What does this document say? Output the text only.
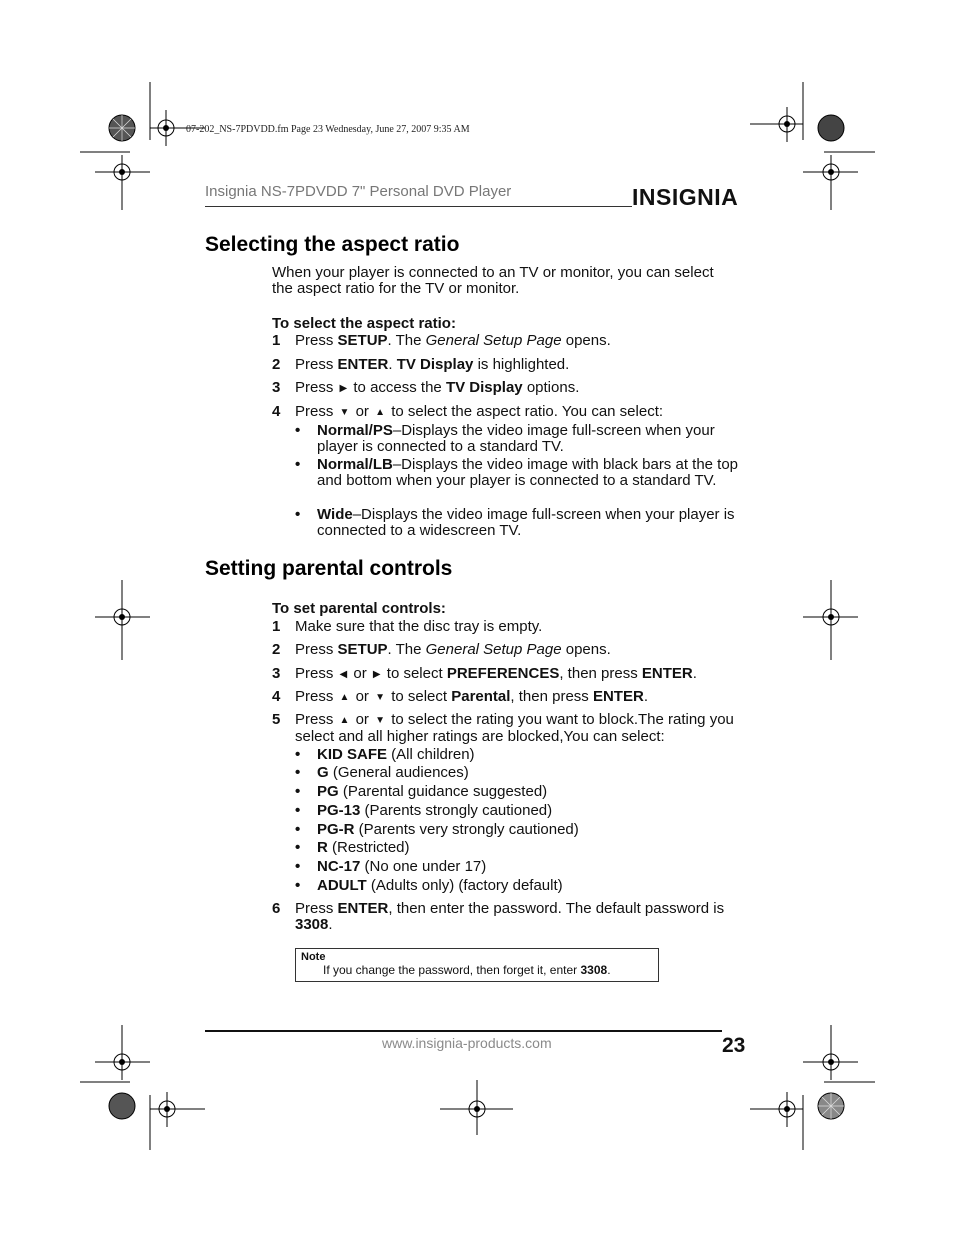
07-202_NS-7PDVDD.fm Page 23 Wednesday, June 27, 2007 9:35 AM
Insignia NS-7PDVDD 7" Personal DVD Player	INSIGNIA
Selecting the aspect ratio
When your player is connected to an TV or monitor, you can select
the aspect ratio for the TV or monitor.
To select the aspect ratio:
1 Press SETUP. The General Setup Page opens.
2 Press ENTER. TV Display is highlighted.
3 Press ▶ to access the TV Display options.
4 Press ▼ or ▲ to select the aspect ratio. You can select:
• Normal/PS–Displays the video image full-screen when your player is connected to a standard TV.
• Normal/LB–Displays the video image with black bars at the top and bottom when your player is connected to a standard TV.
• Wide–Displays the video image full-screen when your player is connected to a widescreen TV.
Setting parental controls
To set parental controls:
1 Make sure that the disc tray is empty.
2 Press SETUP. The General Setup Page opens.
3 Press ◀ or ▶ to select PREFERENCES, then press ENTER.
4 Press ▲ or ▼ to select Parental, then press ENTER.
5 Press ▲ or ▼ to select the rating you want to block.The rating you select and all higher ratings are blocked,You can select:
• KID SAFE (All children)
• G (General audiences)
• PG (Parental guidance suggested)
• PG-13 (Parents strongly cautioned)
• PG-R (Parents very strongly cautioned)
• R (Restricted)
• NC-17 (No one under 17)
• ADULT (Adults only) (factory default)
6 Press ENTER, then enter the password. The default password is 3308.
Note
If you change the password, then forget it, enter 3308.
www.insignia-products.com	23
